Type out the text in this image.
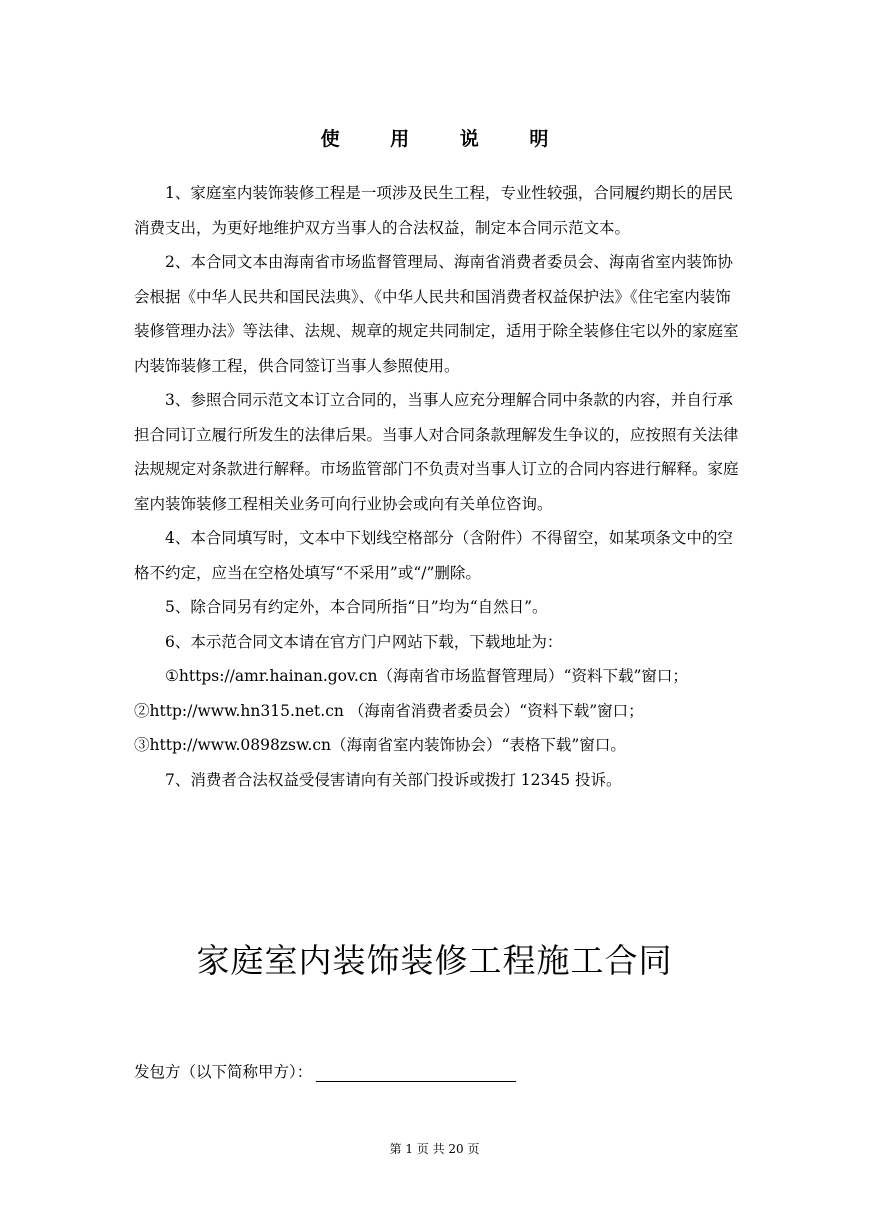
使 用 说 明

1、家庭室内装饰装修工程是一项涉及民生工程，专业性较强，合同履约期长的居民消费支出，为更好地维护双方当事人的合法权益，制定本合同示范文本。

2、本合同文本由海南省市场监督管理局、海南省消费者委员会、海南省室内装饰协会根据《中华人民共和国民法典》、《中华人民共和国消费者权益保护法》《住宅室内装饰装修管理办法》等法律、法规、规章的规定共同制定，适用于除全装修住宅以外的家庭室内装饰装修工程，供合同签订当事人参照使用。

3、参照合同示范文本订立合同的，当事人应充分理解合同中条款的内容，并自行承担合同订立履行所发生的法律后果。当事人对合同条款理解发生争议的，应按照有关法律法规规定对条款进行解释。市场监管部门不负责对当事人订立的合同内容进行解释。家庭室内装饰装修工程相关业务可向行业协会或向有关单位咨询。

4、本合同填写时，文本中下划线空格部分（含附件）不得留空，如某项条文中的空格不约定，应当在空格处填写“不采用”或“/”删除。

5、除合同另有约定外，本合同所指“日”均为“自然日”。

6、本示范合同文本请在官方门户网站下载，下载地址为：

①https://amr.hainan.gov.cn（海南省市场监督管理局）“资料下载”窗口；②http://www.hn315.net.cn （海南省消费者委员会）“资料下载”窗口；③http://www.0898zsw.cn（海南省室内装饰协会）“表格下载”窗口。

7、消费者合法权益受侵害请向有关部门投诉或拨打 12345 投诉。

家庭室内装饰装修工程施工合同
发包方（以下简称甲方）：
第 1 页 共 20 页
